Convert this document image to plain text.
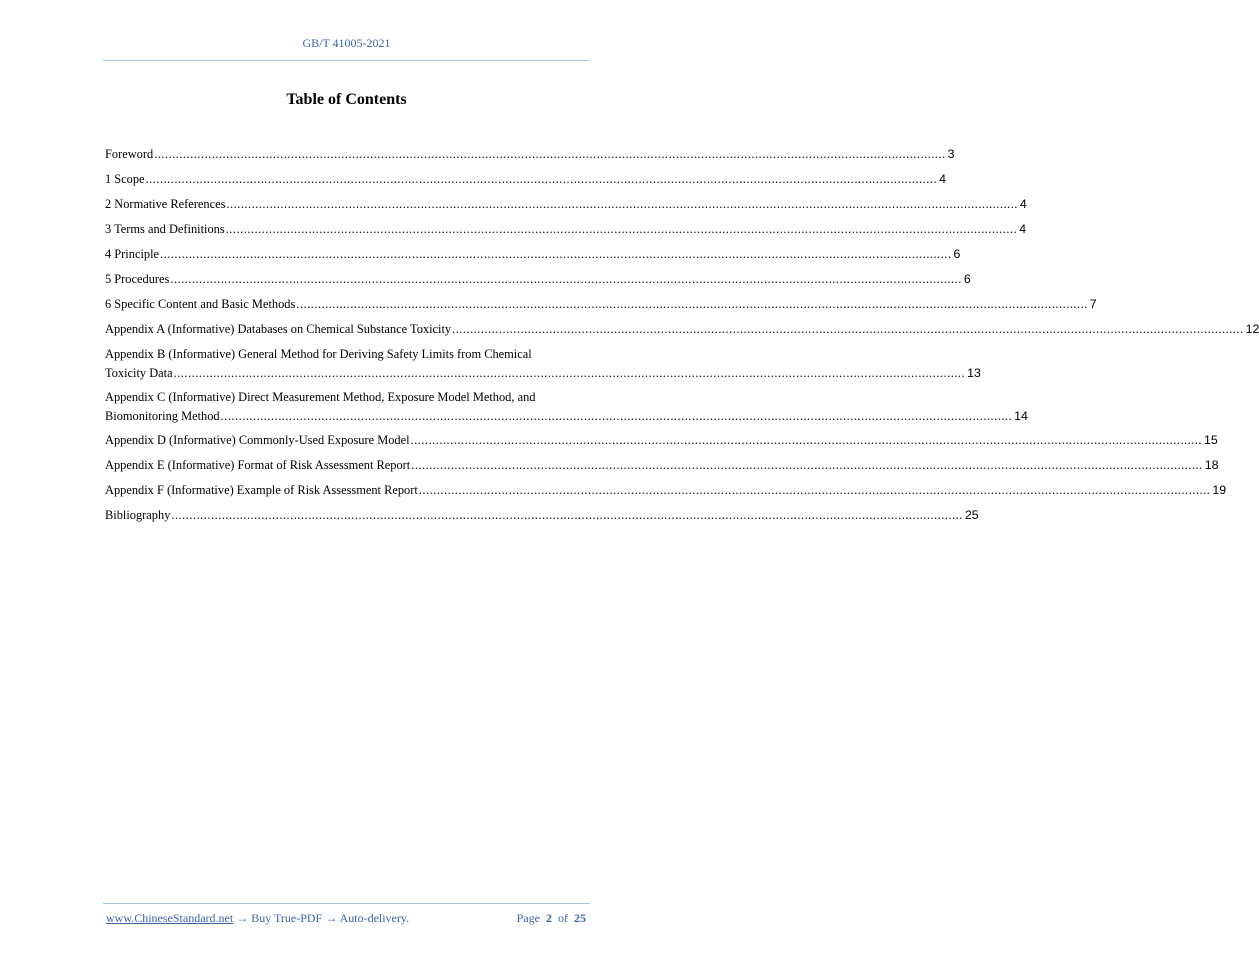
GB/T 41005-2021
Table of Contents
Foreword ............................................................................................................................................................................................................................ 3
1 Scope ............................................................................................................................................................................................................................ 4
2 Normative References ............................................................................................................................................................................................................................ 4
3 Terms and Definitions ............................................................................................................................................................................................................................ 4
4 Principle ............................................................................................................................................................................................................................ 6
5 Procedures ............................................................................................................................................................................................................................ 6
6 Specific Content and Basic Methods ............................................................................................................................................................................................................................ 7
Appendix A (Informative) Databases on Chemical Substance Toxicity ............................................................................................................................................................................................................................ 12
Appendix B (Informative) General Method for Deriving Safety Limits from Chemical
Toxicity Data ............................................................................................................................................................................................................................ 13
Appendix C (Informative) Direct Measurement Method, Exposure Model Method, and
Biomonitoring Method ............................................................................................................................................................................................................................ 14
Appendix D (Informative) Commonly-Used Exposure Model ............................................................................................................................................................................................................................ 15
Appendix E (Informative) Format of Risk Assessment Report ............................................................................................................................................................................................................................ 18
Appendix F (Informative) Example of Risk Assessment Report ............................................................................................................................................................................................................................ 19
Bibliography ............................................................................................................................................................................................................................ 25
www.ChineseStandard.net → Buy True-PDF → Auto-delivery.	Page 2 of 25
